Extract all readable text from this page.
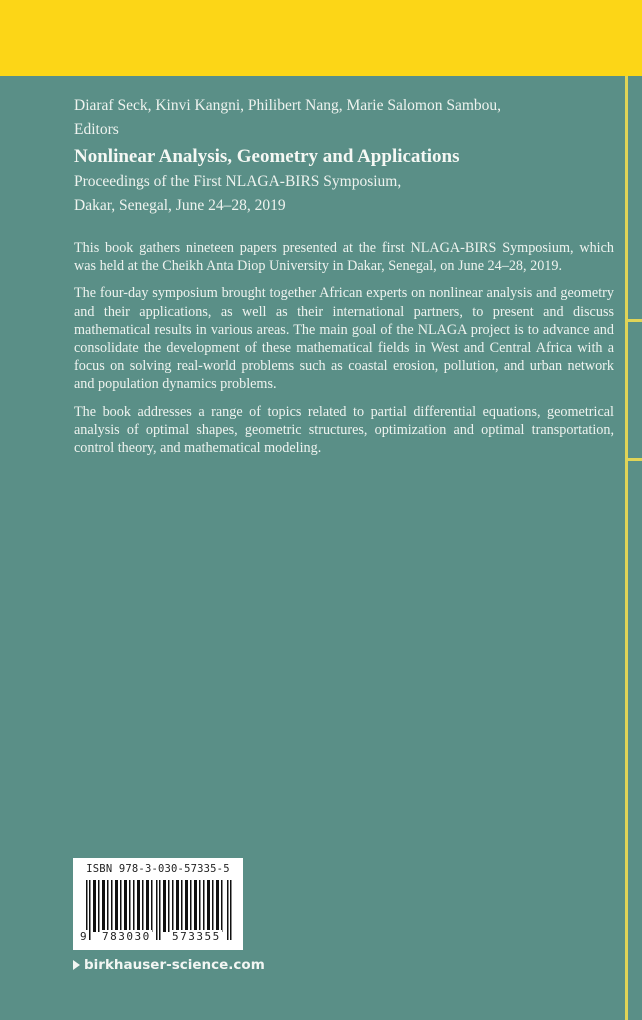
Diaraf Seck, Kinvi Kangni, Philibert Nang, Marie Salomon Sambou,
Editors
Nonlinear Analysis, Geometry and Applications
Proceedings of the First NLAGA-BIRS Symposium,
Dakar, Senegal, June 24–28, 2019

This book gathers nineteen papers presented at the first NLAGA-BIRS Symposium, which was held at the Cheikh Anta Diop University in Dakar, Senegal, on June 24–28, 2019.

The four-day symposium brought together African experts on nonlinear analysis and geometry and their applications, as well as their international partners, to present and discuss mathematical results in various areas. The main goal of the NLAGA project is to advance and consolidate the development of these mathematical fields in West and Central Africa with a focus on solving real-world problems such as coastal erosion, pollution, and urban network and population dynamics problems.

The book addresses a range of topics related to partial differential equations, geometrical analysis of optimal shapes, geometric structures, optimization and optimal transportation, control theory, and mathematical modeling.

ISBN 978-3-030-57335-5
9 783030 573355
birkhauser-science.com
